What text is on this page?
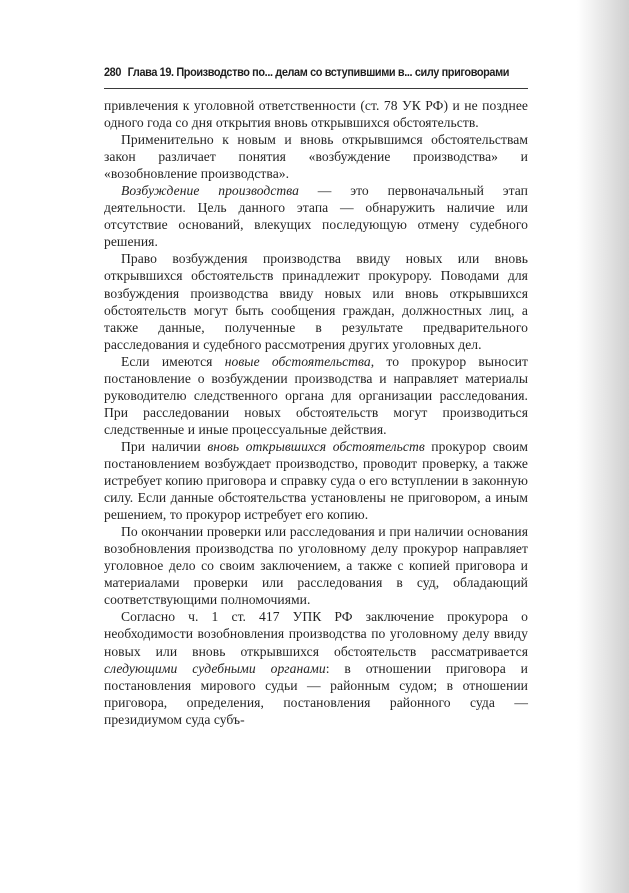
280 Глава 19. Производство по... делам со вступившими в... силу приговорами

привлечения к уголовной ответственности (ст. 78 УК РФ) и не позднее одного года со дня открытия вновь открывшихся обстоятельств.

Применительно к новым и вновь открывшимся обстоятельствам закон различает понятия «возбуждение производства» и «возобновление производства».

Возбуждение производства — это первоначальный этап деятельности. Цель данного этапа — обнаружить наличие или отсутствие оснований, влекущих последующую отмену судебного решения.

Право возбуждения производства ввиду новых или вновь открывшихся обстоятельств принадлежит прокурору. Поводами для возбуждения производства ввиду новых или вновь открывшихся обстоятельств могут быть сообщения граждан, должностных лиц, а также данные, полученные в результате предварительного расследования и судебного рассмотрения других уголовных дел.

Если имеются новые обстоятельства, то прокурор выносит постановление о возбуждении производства и направляет материалы руководителю следственного органа для организации расследования. При расследовании новых обстоятельств могут производиться следственные и иные процессуальные действия.

При наличии вновь открывшихся обстоятельств прокурор своим постановлением возбуждает производство, проводит проверку, а также истребует копию приговора и справку суда о его вступлении в законную силу. Если данные обстоятельства установлены не приговором, а иным решением, то прокурор истребует его копию.

По окончании проверки или расследования и при наличии основания возобновления производства по уголовному делу прокурор направляет уголовное дело со своим заключением, а также с копией приговора и материалами проверки или расследования в суд, обладающий соответствующими полномочиями.

Согласно ч. 1 ст. 417 УПК РФ заключение прокурора о необходимости возобновления производства по уголовному делу ввиду новых или вновь открывшихся обстоятельств рассматривается следующими судебными органами: в отношении приговора и постановления мирового судьи — районным судом; в отношении приговора, определения, постановления районного суда — президиумом суда субъ-
